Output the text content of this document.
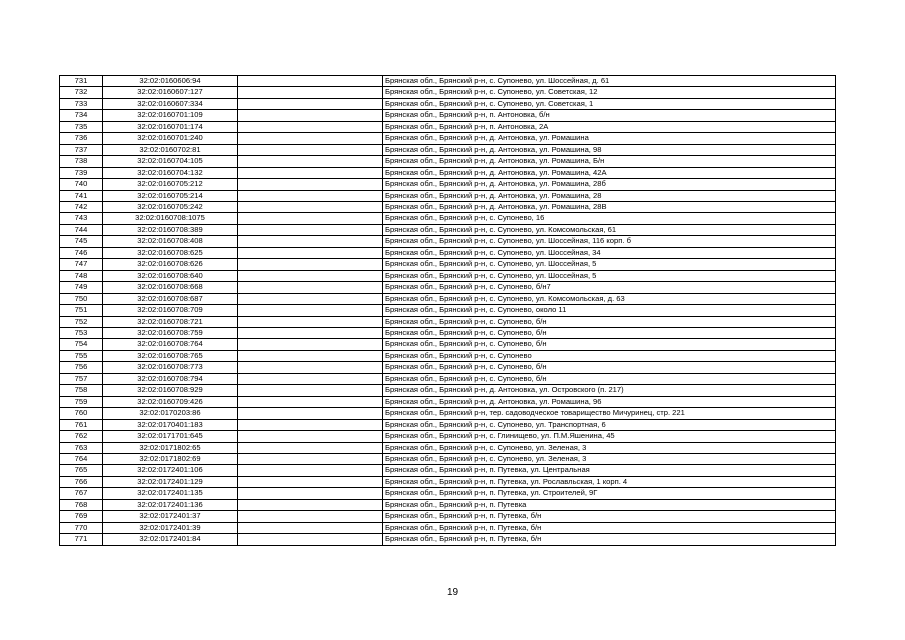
731	32:02:0160606:94		Брянская обл., Брянский р-н, с. Супонево, ул. Шоссейная, д. 61
732	32:02:0160607:127		Брянская обл., Брянский р-н, с. Супонево, ул. Советская, 12
733	32:02:0160607:334		Брянская обл., Брянский р-н, с. Супонево, ул. Советская, 1
734	32:02:0160701:109		Брянская обл., Брянский р-н, п. Антоновка, б/н
735	32:02:0160701:174		Брянская обл., Брянский р-н, п. Антоновка, 2А
736	32:02:0160701:240		Брянская обл., Брянский р-н, д. Антоновка, ул. Ромашина
737	32:02:0160702:81		Брянская обл., Брянский р-н, д. Антоновка, ул. Ромашина, 98
738	32:02:0160704:105		Брянская обл., Брянский р-н, д. Антоновка, ул. Ромашина, Б/н
739	32:02:0160704:132		Брянская обл., Брянский р-н, д. Антоновка, ул. Ромашина, 42А
740	32:02:0160705:212		Брянская обл., Брянский р-н, д. Антоновка, ул. Ромашина, 28б
741	32:02:0160705:214		Брянская обл., Брянский р-н, д. Антоновка, ул. Ромашина, 28
742	32:02:0160705:242		Брянская обл., Брянский р-н, д. Антоновка, ул. Ромашина, 28В
743	32:02:0160708:1075		Брянская обл., Брянский р-н, с. Супонево, 16
744	32:02:0160708:389		Брянская обл., Брянский р-н, с. Супонево, ул. Комсомольская, 61
745	32:02:0160708:408		Брянская обл., Брянский р-н, с. Супонево, ул. Шоссейная, 116 корп. б
746	32:02:0160708:625		Брянская обл., Брянский р-н, с. Супонево, ул. Шоссейная, 34
747	32:02:0160708:626		Брянская обл., Брянский р-н, с. Супонево, ул. Шоссейная, 5
748	32:02:0160708:640		Брянская обл., Брянский р-н, с. Супонево, ул. Шоссейная, 5
749	32:02:0160708:668		Брянская обл., Брянский р-н, с. Супонево, б/н7
750	32:02:0160708:687		Брянская обл., Брянский р-н, с. Супонево, ул. Комсомольская, д. 63
751	32:02:0160708:709		Брянская обл., Брянский р-н, с. Супонево, около 11
752	32:02:0160708:721		Брянская обл., Брянский р-н, с. Супонево, б/н
753	32:02:0160708:759		Брянская обл., Брянский р-н, с. Супонево, б/н
754	32:02:0160708:764		Брянская обл., Брянский р-н, с. Супонево, б/н
755	32:02:0160708:765		Брянская обл., Брянский р-н, с. Супонево
756	32:02:0160708:773		Брянская обл., Брянский р-н, с. Супонево, б/н
757	32:02:0160708:794		Брянская обл., Брянский р-н, с. Супонево, б/н
758	32:02:0160708:929		Брянская обл., Брянский р-н, д. Антоновка, ул. Островского (п. 217)
759	32:02:0160709:426		Брянская обл., Брянский р-н, д. Антоновка, ул. Ромашина, 96
760	32:02:0170203:86		Брянская обл., Брянский р-н, тер. садоводческое товарищество Мичуринец, стр. 221
761	32:02:0170401:183		Брянская обл., Брянский р-н, с. Супонево, ул. Транспортная, 6
762	32:02:0171701:645		Брянская обл., Брянский р-н, с. Глинищево, ул. П.М.Яшенина, 45
763	32:02:0171802:65		Брянская обл., Брянский р-н, с. Супонево, ул. Зеленая, 3
764	32:02:0171802:69		Брянская обл., Брянский р-н, с. Супонево, ул. Зеленая, 3
765	32:02:0172401:106		Брянская обл., Брянский р-н, п. Путевка, ул. Центральная
766	32:02:0172401:129		Брянская обл., Брянский р-н, п. Путевка, ул. Рославльская, 1 корп. 4
767	32:02:0172401:135		Брянская обл., Брянский р-н, п. Путевка, ул. Строителей, 9Г
768	32:02:0172401:136		Брянская обл., Брянский р-н, п. Путевка
769	32:02:0172401:37		Брянская обл., Брянский р-н, п. Путевка, б/н
770	32:02:0172401:39		Брянская обл., Брянский р-н, п. Путевка, б/н
771	32:02:0172401:84		Брянская обл., Брянский р-н, п. Путевка, б/н
19
